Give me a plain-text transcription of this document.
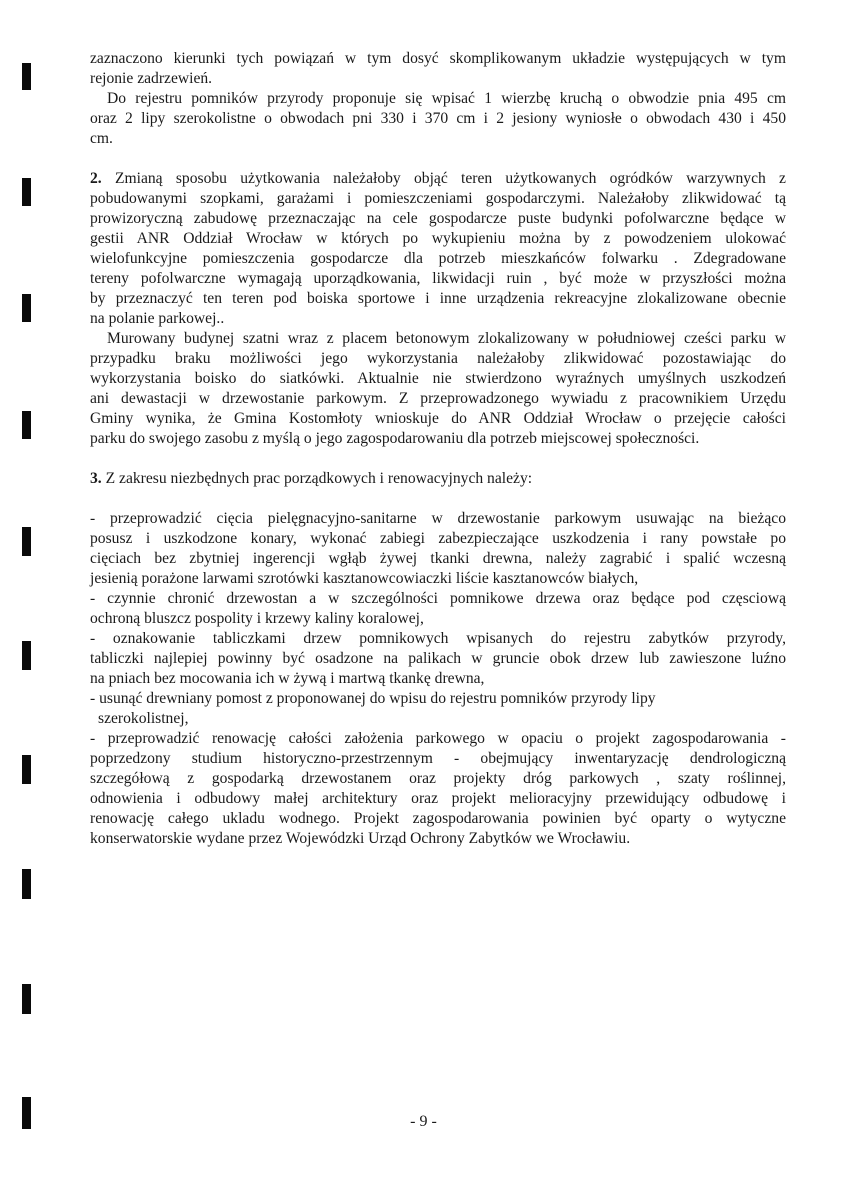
zaznaczono kierunki tych powiązań w tym dosyć skomplikowanym układzie występujących w tym
rejonie zadrzewień.
Do rejestru pomników przyrody proponuje się wpisać 1 wierzbę kruchą o obwodzie pnia 495 cm
oraz 2 lipy szerokolistne o obwodach pni 330 i 370 cm i 2 jesiony wyniosłe o obwodach 430 i 450
cm.
2. Zmianą sposobu użytkowania należałoby objąć teren użytkowanych ogródków warzywnych z
pobudowanymi szopkami, garażami i pomieszczeniami gospodarczymi. Należałoby zlikwidować tą
prowizoryczną zabudowę przeznaczając na cele gospodarcze puste budynki pofolwarczne będące w
gestii ANR Oddział Wrocław w których po wykupieniu można by z powodzeniem ulokować
wielofunkcyjne pomieszczenia gospodarcze dla potrzeb mieszkańców folwarku . Zdegradowane
tereny pofolwarczne wymagają uporządkowania, likwidacji ruin , być może w przyszłości można
by przeznaczyć ten teren pod boiska sportowe i inne urządzenia rekreacyjne zlokalizowane obecnie
na polanie parkowej..
Murowany budynej szatni wraz z placem betonowym zlokalizowany w południowej cześci parku w
przypadku braku możliwości jego wykorzystania należałoby zlikwidować pozostawiając do
wykorzystania boisko do siatkówki. Aktualnie nie stwierdzono wyraźnych umyślnych uszkodzeń
ani dewastacji w drzewostanie parkowym. Z przeprowadzonego wywiadu z pracownikiem Urzędu
Gminy wynika, że Gmina Kostomłoty wnioskuje do ANR Oddział Wrocław o przejęcie całości
parku do swojego zasobu z myślą o jego zagospodarowaniu dla potrzeb miejscowej społeczności.
3. Z zakresu niezbędnych prac porządkowych i renowacyjnych należy:
- przeprowadzić cięcia pielęgnacyjno-sanitarne w drzewostanie parkowym usuwając na bieżąco
posusz i uszkodzone konary, wykonać zabiegi zabezpieczające uszkodzenia i rany powstałe po
cięciach bez zbytniej ingerencji wgłąb żywej tkanki drewna, należy zagrabić i spalić wczesną
jesienią porażone larwami szrotówki kasztanowcowiaczki liście kasztanowców białych,
- czynnie chronić drzewostan a w szczególności pomnikowe drzewa oraz będące pod częsciową
ochroną bluszcz pospolity i krzewy kaliny koralowej,
- oznakowanie tabliczkami drzew pomnikowych wpisanych do rejestru zabytków przyrody,
tabliczki najlepiej powinny być osadzone na palikach w gruncie obok drzew lub zawieszone luźno
na pniach bez mocowania ich w żywą i martwą tkankę drewna,
- usunąć drewniany pomost z proponowanej do wpisu do rejestru pomników przyrody lipy
szerokolistnej,
- przeprowadzić renowację całości założenia parkowego w opaciu o projekt zagospodarowania -
poprzedzony studium historyczno-przestrzennym - obejmujący inwentaryzację dendrologiczną
szczegółową z gospodarką drzewostanem oraz projekty dróg parkowych , szaty roślinnej,
odnowienia i odbudowy małej architektury oraz projekt melioracyjny przewidujący odbudowę i
renowację całego ukladu wodnego. Projekt zagospodarowania powinien być oparty o wytyczne
konserwatorskie wydane przez Wojewódzki Urząd Ochrony Zabytków we Wrocławiu.
- 9 -
